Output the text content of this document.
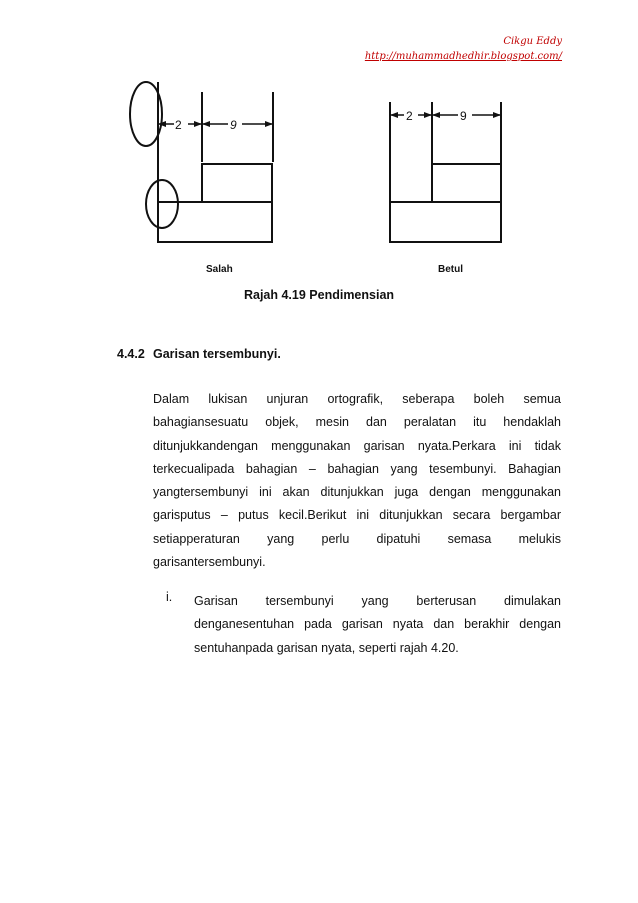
Cikgu Eddy
http://muhammadhedhir.blogspot.com/
2	9
2	9
Salah	Betul
Rajah 4.19 Pendimensian
4.4.2 Garisan tersembunyi.
Dalam lukisan unjuran ortografik, seberapa boleh semua
bahagiansesuatu objek, mesin dan peralatan itu hendaklah
ditunjukkandengan menggunakan garisan nyata.Perkara ini tidak
terkecualipada bahagian – bahagian yang tesembunyi. Bahagian
yangtersembunyi ini akan ditunjukkan juga dengan menggunakan
garisputus – putus kecil.Berikut ini ditunjukkan secara bergambar
setiapperaturan yang perlu dipatuhi semasa melukis
garisantersembunyi.
i. Garisan tersembunyi yang berterusan dimulakan
denganesentuhan pada garisan nyata dan berakhir dengan
sentuhanpada garisan nyata, seperti rajah 4.20.
